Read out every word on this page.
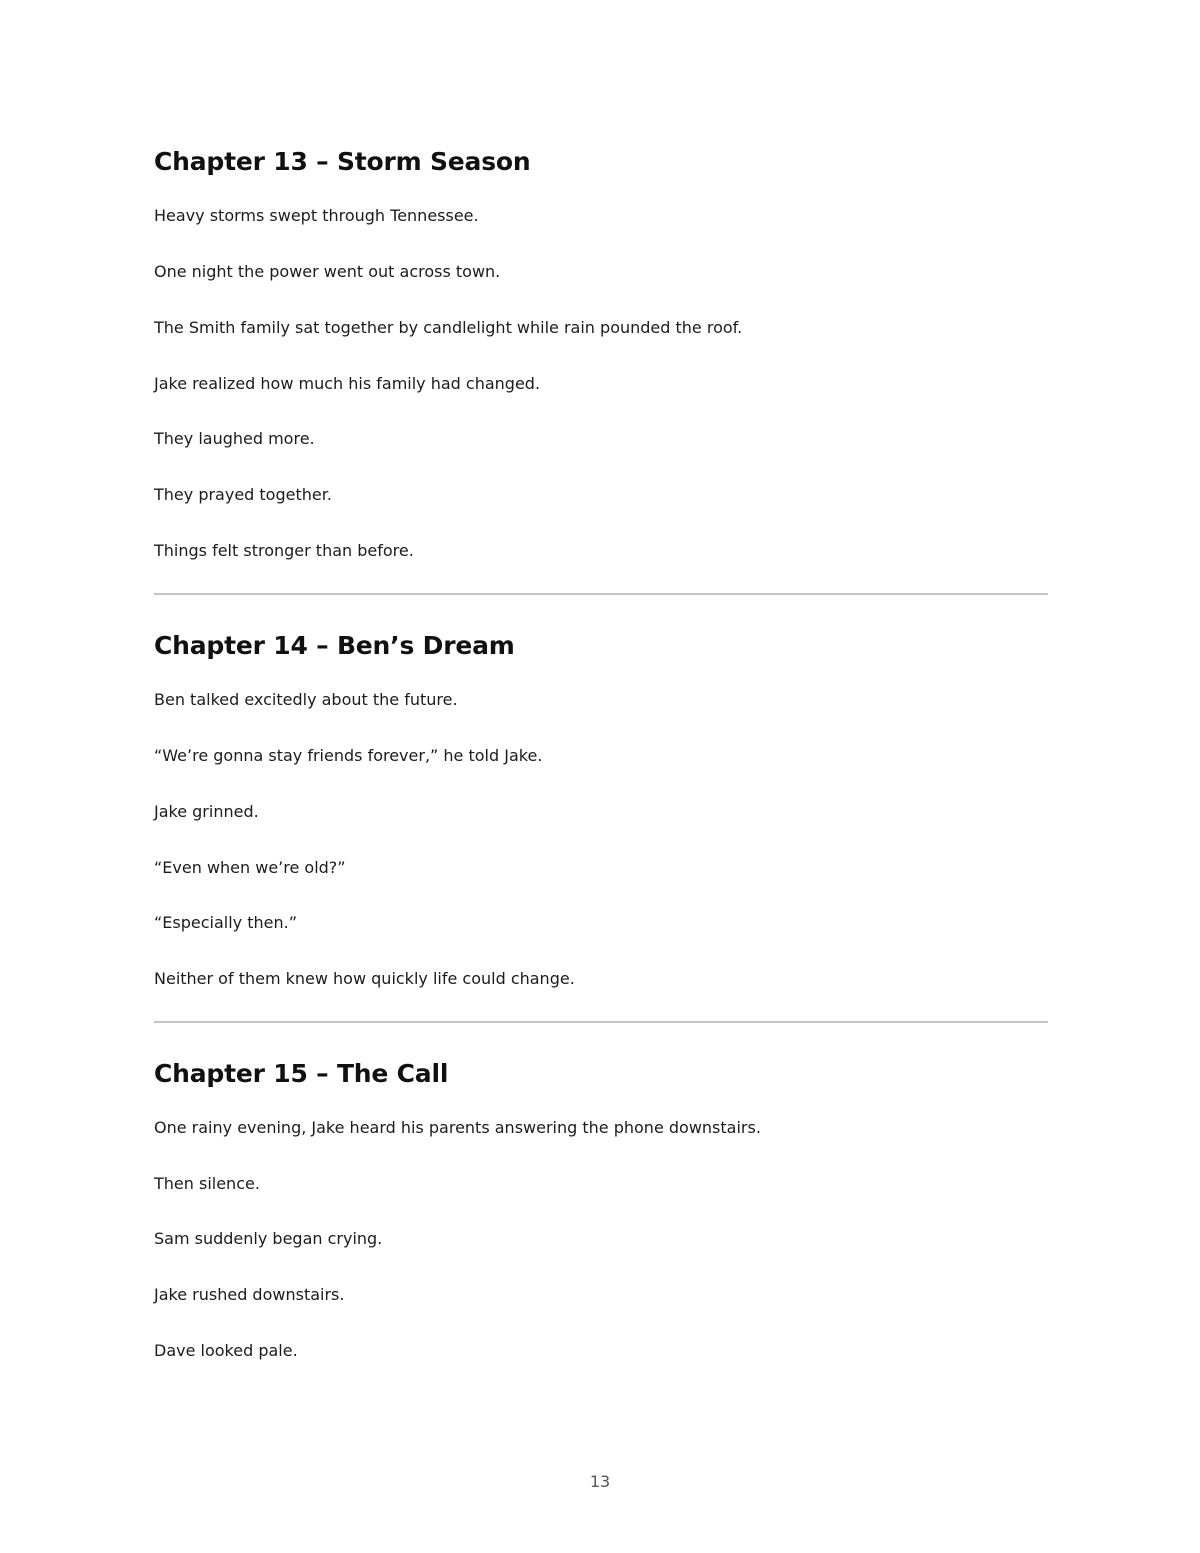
Chapter 13 – Storm Season

Heavy storms swept through Tennessee.

One night the power went out across town.

The Smith family sat together by candlelight while rain pounded the roof.

Jake realized how much his family had changed.

They laughed more.

They prayed together.

Things felt stronger than before.

Chapter 14 – Ben’s Dream

Ben talked excitedly about the future.

“We’re gonna stay friends forever,” he told Jake.

Jake grinned.

“Even when we’re old?”

“Especially then.”

Neither of them knew how quickly life could change.

Chapter 15 – The Call

One rainy evening, Jake heard his parents answering the phone downstairs.

Then silence.

Sam suddenly began crying.

Jake rushed downstairs.

Dave looked pale.

13
